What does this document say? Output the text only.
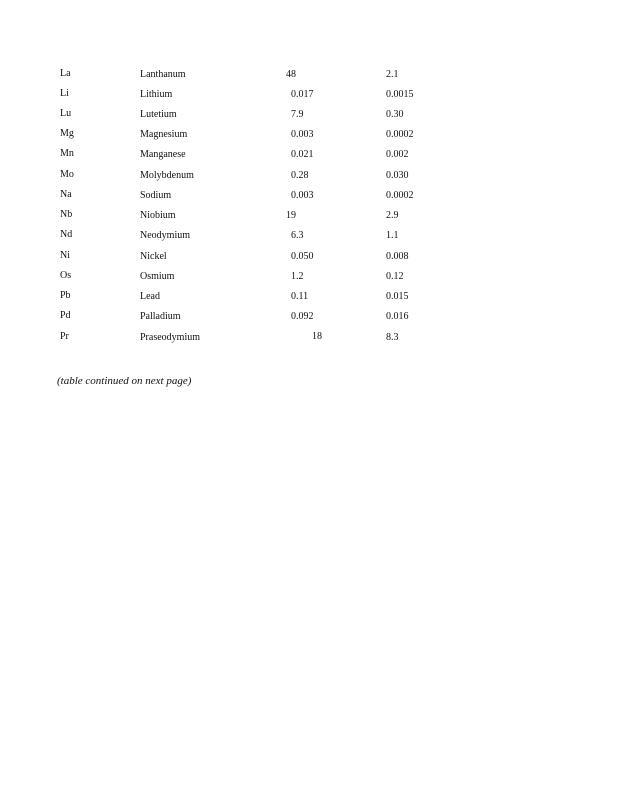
La	Lanthanum	48	2.1
Li	Lithium	0.017	0.0015
Lu	Lutetium	7.9	0.30
Mg	Magnesium	0.003	0.0002
Mn	Manganese	0.021	0.002
Mo	Molybdenum	0.28	0.030
Na	Sodium	0.003	0.0002
Nb	Niobium	19	2.9
Nd	Neodymium	6.3	1.1
Ni	Nickel	0.050	0.008
Os	Osmium	1.2	0.12
Pb	Lead	0.11	0.015
Pd	Palladium	0.092	0.016
Pr	Praseodymium	18	8.3
(table continued on next page)
